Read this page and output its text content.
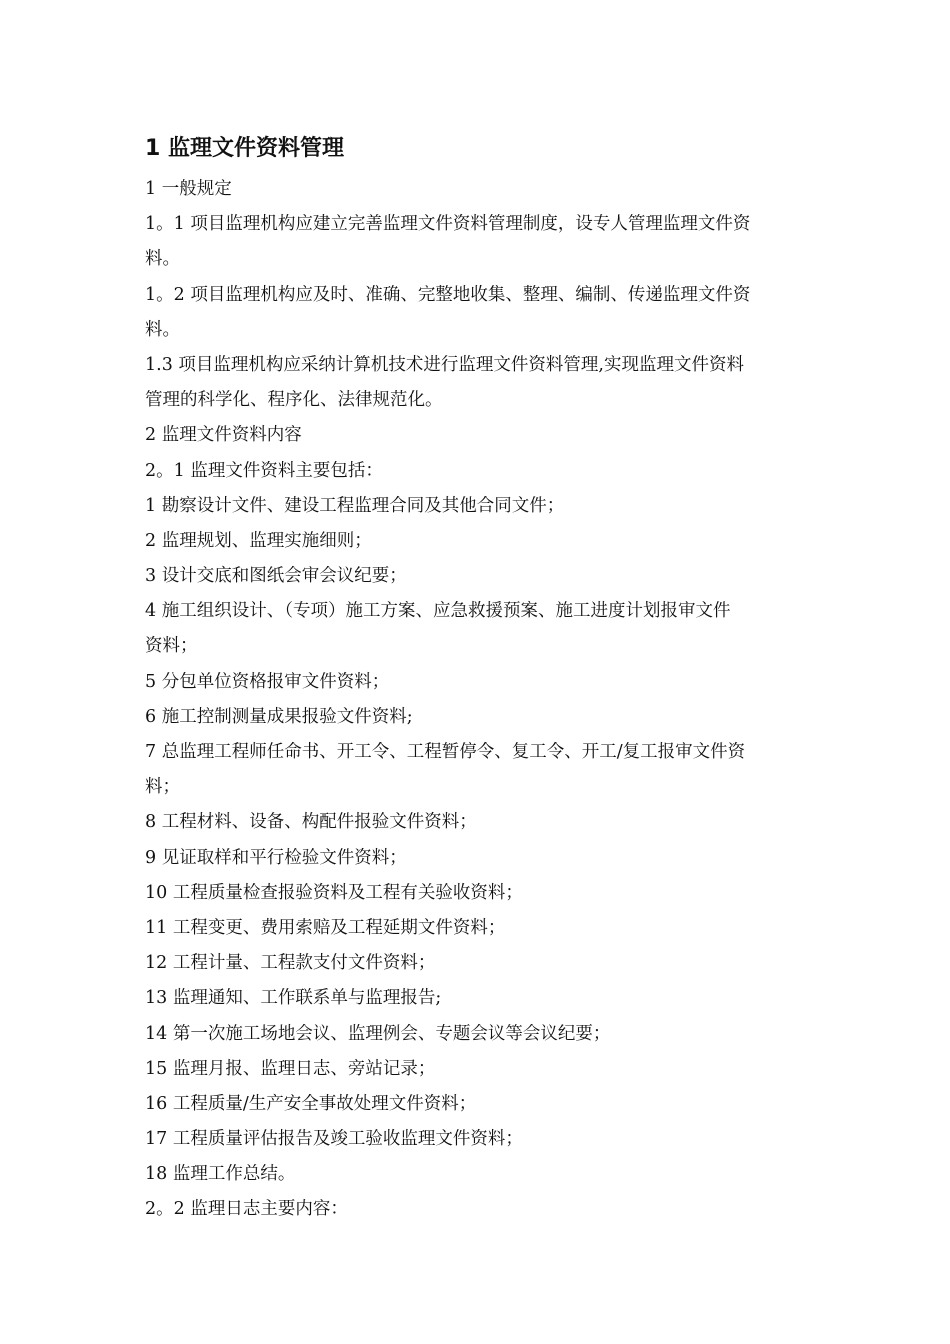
1 监理文件资料管理

1 一般规定

1。1 项目监理机构应建立完善监理文件资料管理制度，设专人管理监理文件资

料。

1。2 项目监理机构应及时、准确、完整地收集、整理、编制、传递监理文件资

料。

1.3 项目监理机构应采纳计算机技术进行监理文件资料管理,实现监理文件资料

管理的科学化、程序化、法律规范化。

2 监理文件资料内容

2。1 监理文件资料主要包括：

1 勘察设计文件、建设工程监理合同及其他合同文件；

2 监理规划、监理实施细则；

3 设计交底和图纸会审会议纪要；

4 施工组织设计、（专项）施工方案、应急救援预案、施工进度计划报审文件

资料；

5 分包单位资格报审文件资料；

6 施工控制测量成果报验文件资料;

7 总监理工程师任命书、开工令、工程暂停令、复工令、开工/复工报审文件资

料；

8 工程材料、设备、构配件报验文件资料；

9 见证取样和平行检验文件资料；

10 工程质量检查报验资料及工程有关验收资料；

11 工程变更、费用索赔及工程延期文件资料；

12 工程计量、工程款支付文件资料；

13 监理通知、工作联系单与监理报告;

14 第一次施工场地会议、监理例会、专题会议等会议纪要；

15 监理月报、监理日志、旁站记录；

16 工程质量/生产安全事故处理文件资料；

17 工程质量评估报告及竣工验收监理文件资料；

18 监理工作总结。

2。2 监理日志主要内容：
